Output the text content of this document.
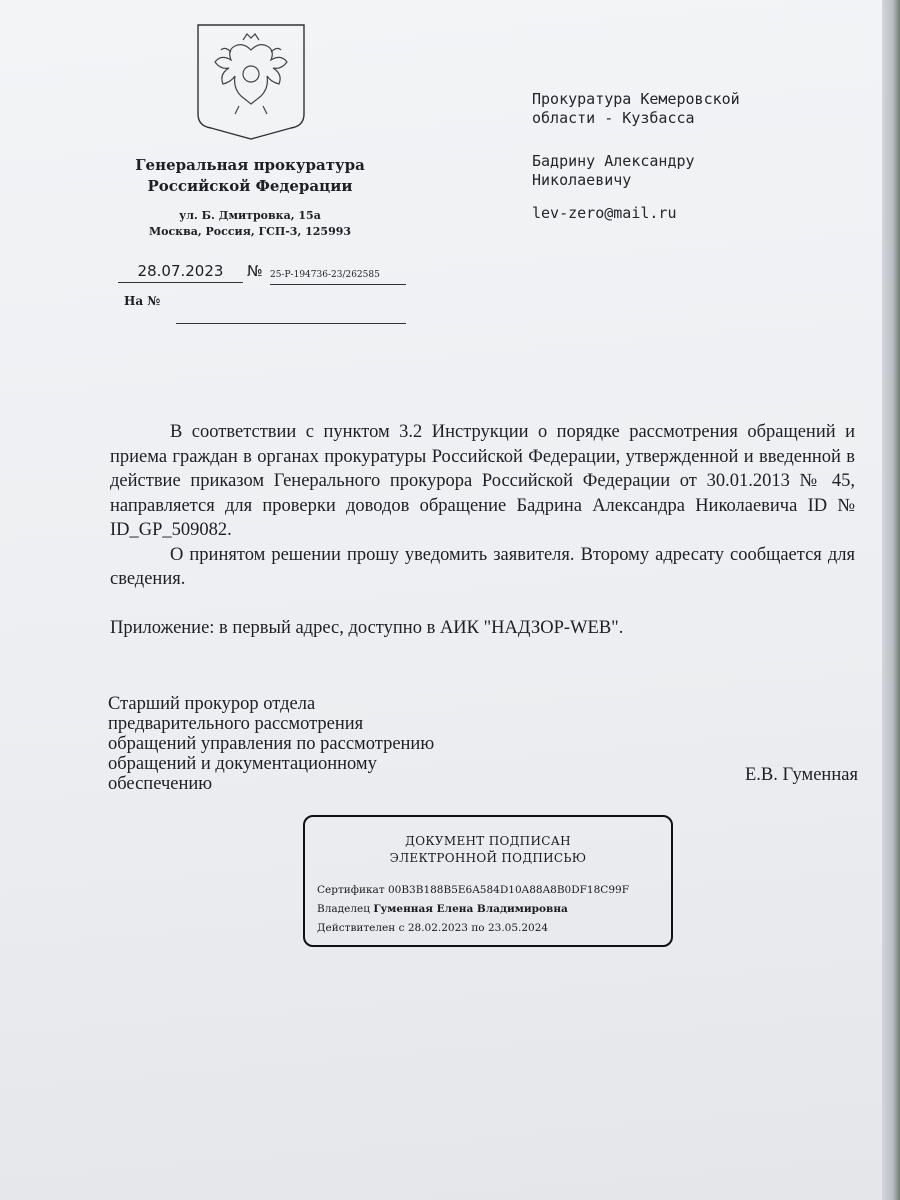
Генеральная прокуратура
Российской Федерации
ул. Б. Дмитровка, 15а
Москва, Россия, ГСП-3, 125993
28.07.2023	№ 25-Р-194736-23/262585
На №
Прокуратура Кемеровской
области - Кузбасса
Бадрину Александру
Николаевичу
lev-zero@mail.ru

В соответствии с пунктом 3.2 Инструкции о порядке рассмотрения обращений и приема граждан в органах прокуратуры Российской Федерации, утвержденной и введенной в действие приказом Генерального прокурора Российской Федерации от 30.01.2013 № 45, направляется для проверки доводов обращение Бадрина Александра Николаевича ID № ID_GP_509082.

О принятом решении прошу уведомить заявителя. Второму адресату сообщается для сведения.

Приложение: в первый адрес, доступно в АИК "НАДЗОР-WEB".
Старший прокурор отдела
предварительного рассмотрения
обращений управления по рассмотрению
обращений и документационному
обеспечению	Е.В. Гуменная
ДОКУМЕНТ ПОДПИСАН
ЭЛЕКТРОННОЙ ПОДПИСЬЮ
Сертификат 00B3B188B5E6A584D10A88A8B0DF18C99F
Владелец Гуменная Елена Владимировна
Действителен с 28.02.2023 по 23.05.2024
